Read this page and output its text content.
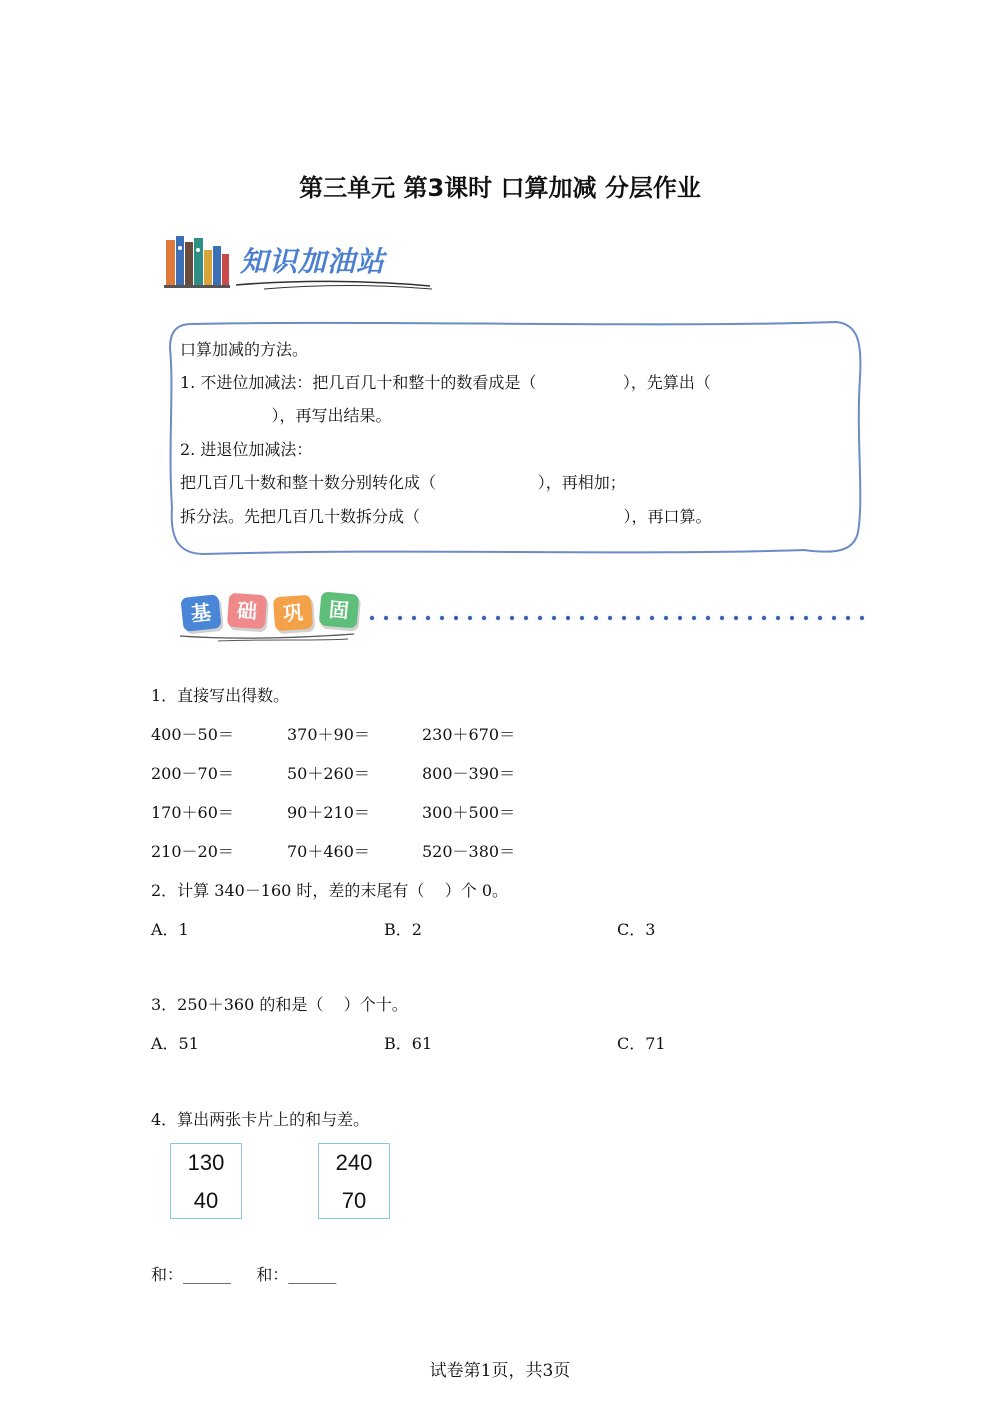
第三单元 第3课时 口算加减 分层作业
知识加油站
口算加减的方法。
1. 不进位加减法：把几百几十和整十的数看成是（                 ），先算出（
），再写出结果。
2. 进退位加减法：
把几百几十数和整十数分别转化成（                    ），再相加；
拆分法。先把几百几十数拆分成（                                        ），再口算。
基	础	巩	固
1．直接写出得数。
400－50＝	370＋90＝	230＋670＝
200－70＝	50＋260＝	800－390＝
170＋60＝	90＋210＝	300＋500＝
210－20＝	70＋460＝	520－380＝
2．计算 340－160 时，差的末尾有（    ）个 0。
A．1	B．2	C．3
3．250＋360 的和是（    ）个十。
A．51	B．61	C．71
4．算出两张卡片上的和与差。
130
40
240
70
和：______     和：______
试卷第1页，共3页
